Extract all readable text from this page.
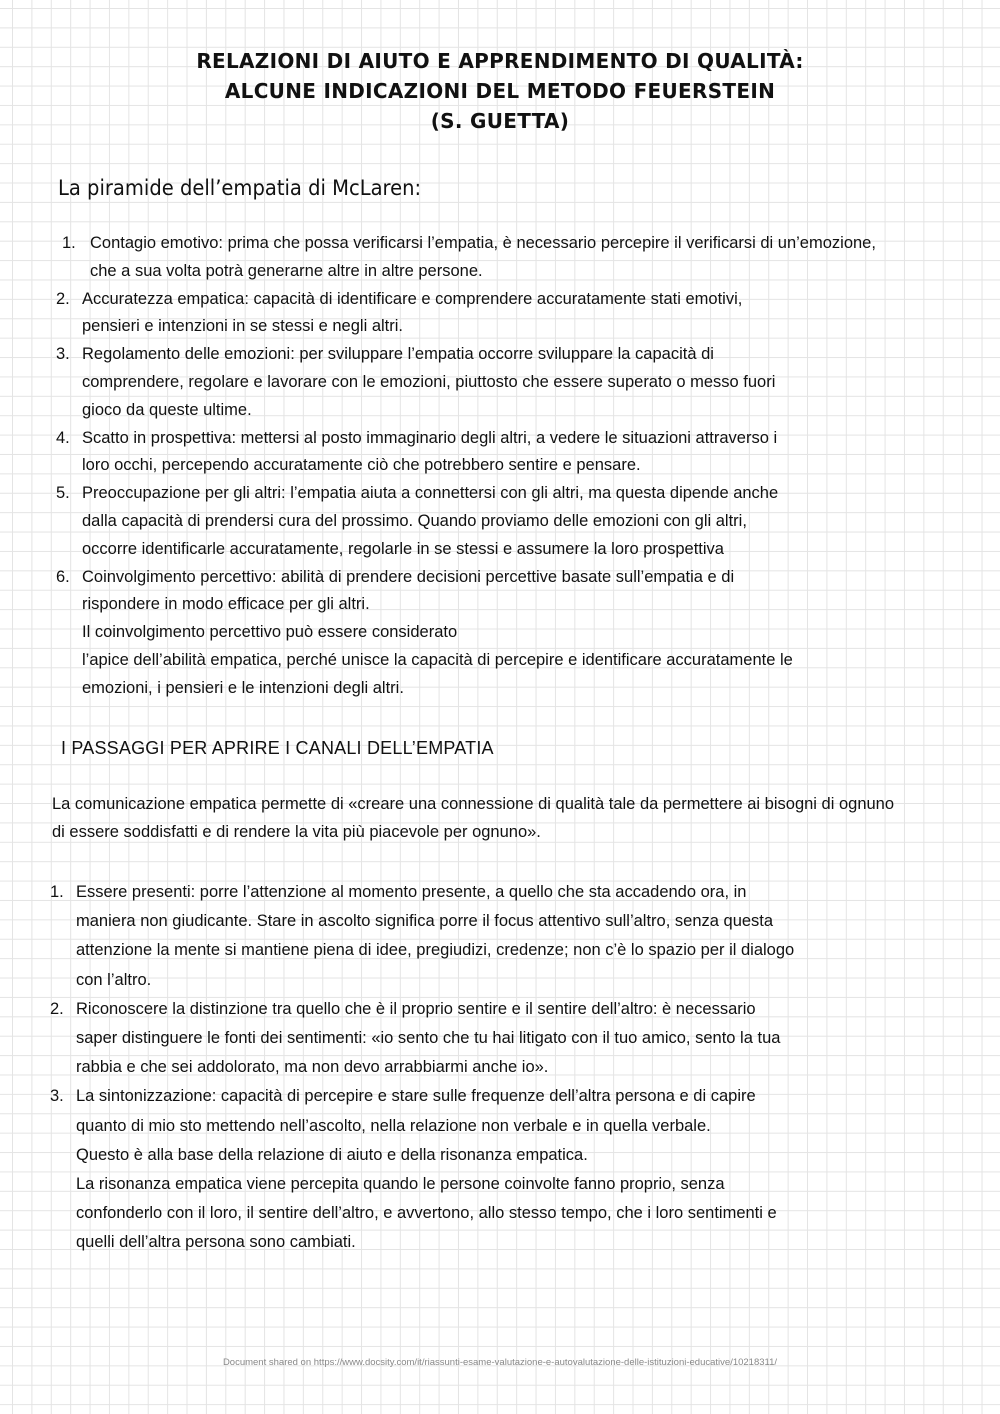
RELAZIONI DI AIUTO E APPRENDIMENTO DI QUALITÀ:
ALCUNE INDICAZIONI DEL METODO FEUERSTEIN
(S. GUETTA)
La piramide dell’empatia di McLaren:
1. Contagio emotivo: prima che possa verificarsi l’empatia, è necessario percepire il verificarsi di un’emozione,
che a sua volta potrà generarne altre in altre persone.
2. Accuratezza empatica: capacità di identificare e comprendere accuratamente stati emotivi,
pensieri e intenzioni in se stessi e negli altri.
3. Regolamento delle emozioni: per sviluppare l’empatia occorre sviluppare la capacità di
comprendere, regolare e lavorare con le emozioni, piuttosto che essere superato o messo fuori
gioco da queste ultime.
4. Scatto in prospettiva: mettersi al posto immaginario degli altri, a vedere le situazioni attraverso i
loro occhi, percependo accuratamente ciò che potrebbero sentire e pensare.
5. Preoccupazione per gli altri: l’empatia aiuta a connettersi con gli altri, ma questa dipende anche
dalla capacità di prendersi cura del prossimo. Quando proviamo delle emozioni con gli altri,
occorre identificarle accuratamente, regolarle in se stessi e assumere la loro prospettiva
6. Coinvolgimento percettivo: abilità di prendere decisioni percettive basate sull’empatia e di
rispondere in modo efficace per gli altri.
Il coinvolgimento percettivo può essere considerato
l’apice dell’abilità empatica, perché unisce la capacità di percepire e identificare accuratamente le
emozioni, i pensieri e le intenzioni degli altri.
I PASSAGGI PER APRIRE I CANALI DELL’EMPATIA
La comunicazione empatica permette di «creare una connessione di qualità tale da permettere ai bisogni di ognuno
di essere soddisfatti e di rendere la vita più piacevole per ognuno».
1. Essere presenti: porre l’attenzione al momento presente, a quello che sta accadendo ora, in
maniera non giudicante. Stare in ascolto significa porre il focus attentivo sull’altro, senza questa
attenzione la mente si mantiene piena di idee, pregiudizi, credenze; non c’è lo spazio per il dialogo
con l’altro.
2. Riconoscere la distinzione tra quello che è il proprio sentire e il sentire dell’altro: è necessario
saper distinguere le fonti dei sentimenti: «io sento che tu hai litigato con il tuo amico, sento la tua
rabbia e che sei addolorato, ma non devo arrabbiarmi anche io».
3. La sintonizzazione: capacità di percepire e stare sulle frequenze dell’altra persona e di capire
quanto di mio sto mettendo nell’ascolto, nella relazione non verbale e in quella verbale.
Questo è alla base della relazione di aiuto e della risonanza empatica.
La risonanza empatica viene percepita quando le persone coinvolte fanno proprio, senza
confonderlo con il loro, il sentire dell’altro, e avvertono, allo stesso tempo, che i loro sentimenti e
quelli dell’altra persona sono cambiati.
Document shared on https://www.docsity.com/it/riassunti-esame-valutazione-e-autovalutazione-delle-istituzioni-educative/10218311/
